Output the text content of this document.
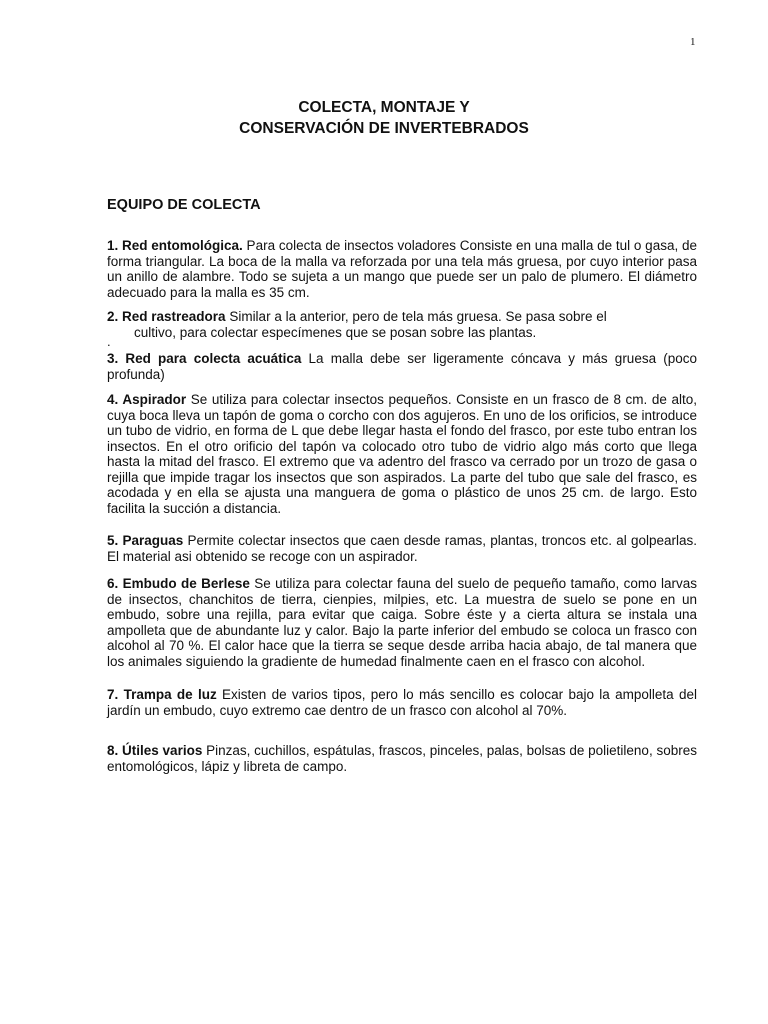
1
COLECTA, MONTAJE Y
CONSERVACIÓN DE INVERTEBRADOS
EQUIPO DE COLECTA
1. Red entomológica. Para colecta de insectos voladores Consiste en una malla de tul o gasa, de forma triangular. La boca de la malla va reforzada por una tela más gruesa, por cuyo interior pasa un anillo de alambre. Todo se sujeta a un mango que puede ser un palo de plumero. El diámetro adecuado para la malla es 35 cm.
2. Red rastreadora Similar a la anterior, pero de tela más gruesa. Se pasa sobre el
cultivo, para colectar especímenes que se posan sobre las plantas.
.
3. Red para colecta acuática La malla debe ser ligeramente cóncava y más gruesa (poco profunda)
4. Aspirador Se utiliza para colectar insectos pequeños. Consiste en un frasco de 8 cm. de alto, cuya boca lleva un tapón de goma o corcho con dos agujeros. En uno de los orificios, se introduce un tubo de vidrio, en forma de L que debe llegar hasta el fondo del frasco, por este tubo entran los insectos. En el otro orificio del tapón va colocado otro tubo de vidrio algo más corto que llega hasta la mitad del frasco. El extremo que va adentro del frasco va cerrado por un trozo de gasa o rejilla que impide tragar los insectos que son aspirados. La parte del tubo que sale del frasco, es acodada y en ella se ajusta una manguera de goma o plástico de unos 25 cm. de largo. Esto facilita la succión a distancia.
5. Paraguas Permite colectar insectos que caen desde ramas, plantas, troncos etc. al golpearlas. El material asi obtenido se recoge con un aspirador.
6. Embudo de Berlese Se utiliza para colectar fauna del suelo de pequeño tamaño, como larvas de insectos, chanchitos de tierra, cienpies, milpies, etc. La muestra de suelo se pone en un embudo, sobre una rejilla, para evitar que caiga. Sobre éste y a cierta altura se instala una ampolleta que de abundante luz y calor. Bajo la parte inferior del embudo se coloca un frasco con alcohol al 70 %. El calor hace que la tierra se seque desde arriba hacia abajo, de tal manera que los animales siguiendo la gradiente de humedad finalmente caen en el frasco con alcohol.
7. Trampa de luz Existen de varios tipos, pero lo más sencillo es colocar bajo la ampolleta del jardín un embudo, cuyo extremo cae dentro de un frasco con alcohol al 70%.
8. Útiles varios Pinzas, cuchillos, espátulas, frascos, pinceles, palas, bolsas de polietileno, sobres entomológicos, lápiz y libreta de campo.
